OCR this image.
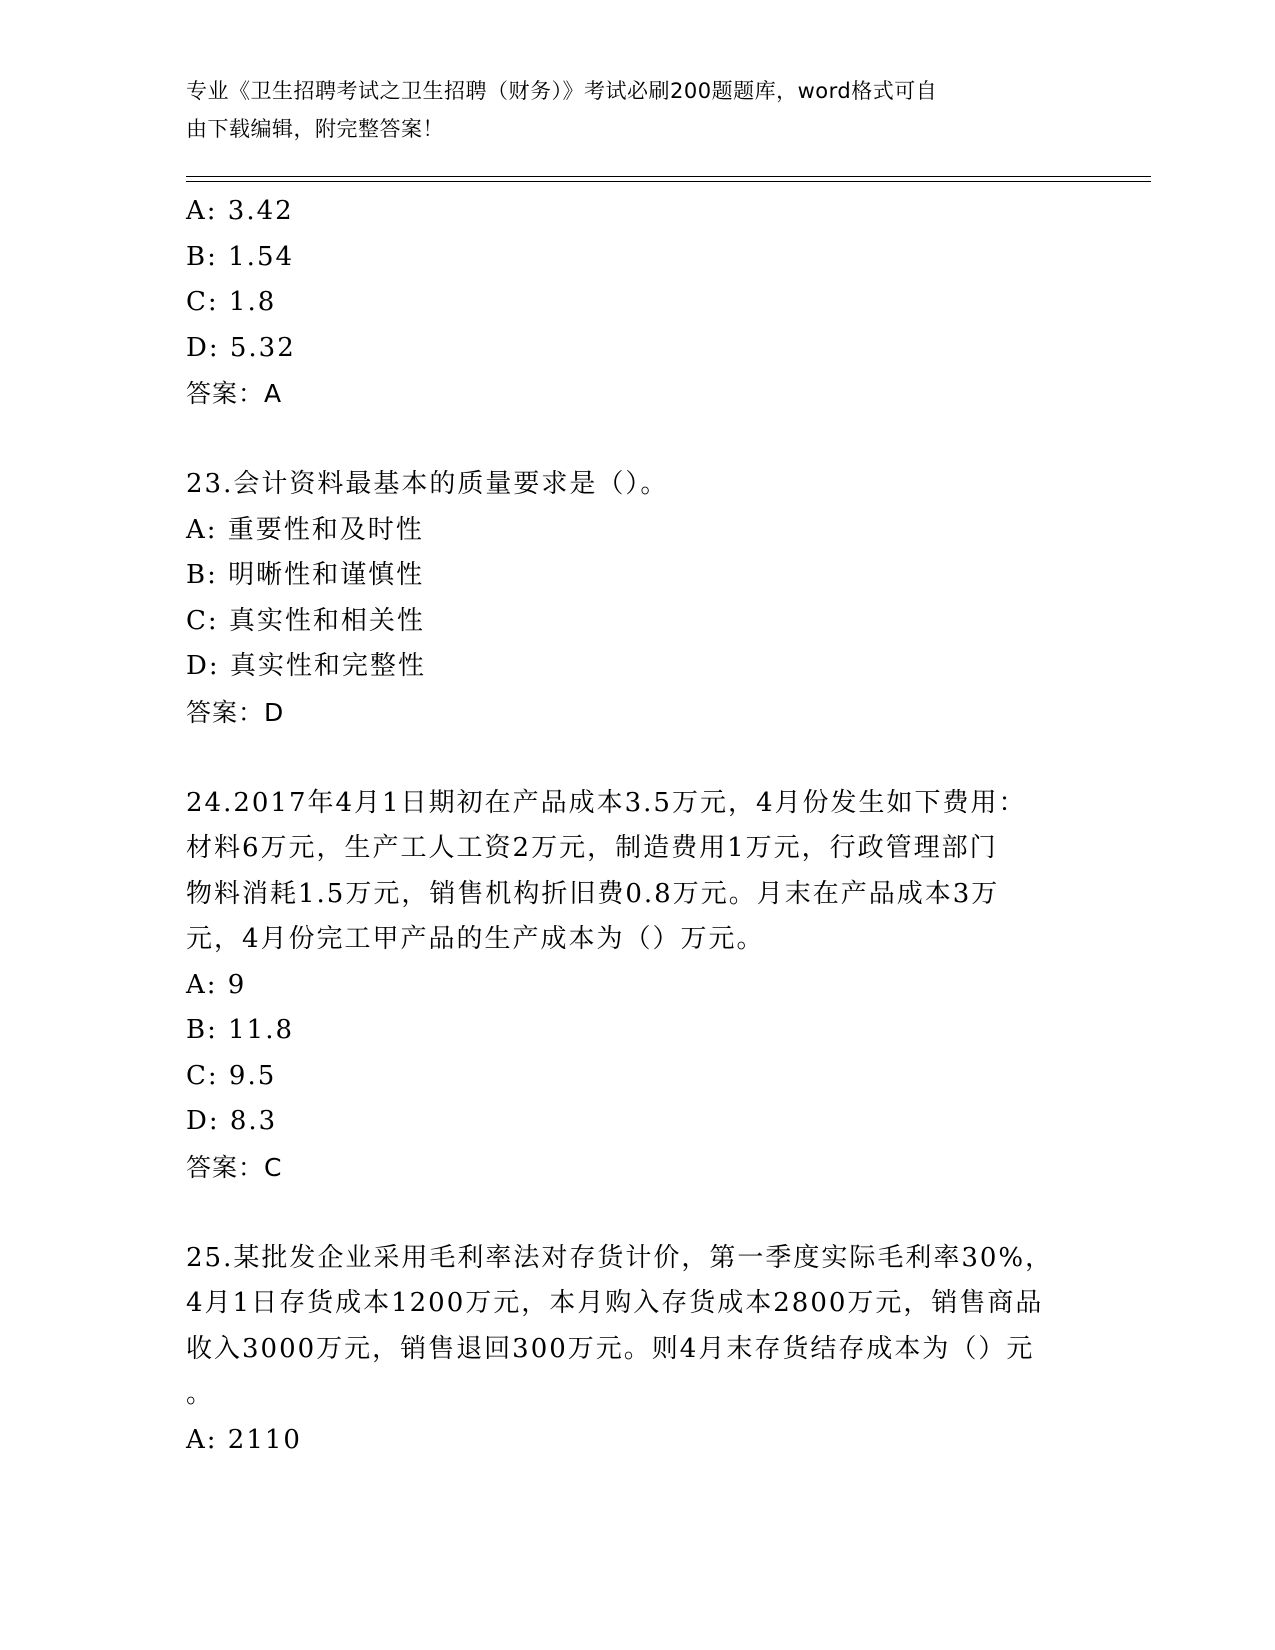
专业《卫生招聘考试之卫生招聘（财务）》考试必刷200题题库，word格式可自
由下载编辑，附完整答案！
A: 3.42
B: 1.54
C: 1.8
D: 5.32
答案：A
23.会计资料最基本的质量要求是（）。
A: 重要性和及时性
B: 明晰性和谨慎性
C: 真实性和相关性
D: 真实性和完整性
答案：D
24.2017年4月1日期初在产品成本3.5万元，4月份发生如下费用：
材料6万元，生产工人工资2万元，制造费用1万元，行政管理部门
物料消耗1.5万元，销售机构折旧费0.8万元。月末在产品成本3万
元，4月份完工甲产品的生产成本为（）万元。
A: 9
B: 11.8
C: 9.5
D: 8.3
答案：C
25.某批发企业采用毛利率法对存货计价，第一季度实际毛利率30%，
4月1日存货成本1200万元，本月购入存货成本2800万元，销售商品
收入3000万元，销售退回300万元。则4月末存货结存成本为（）元
。
A: 2110
